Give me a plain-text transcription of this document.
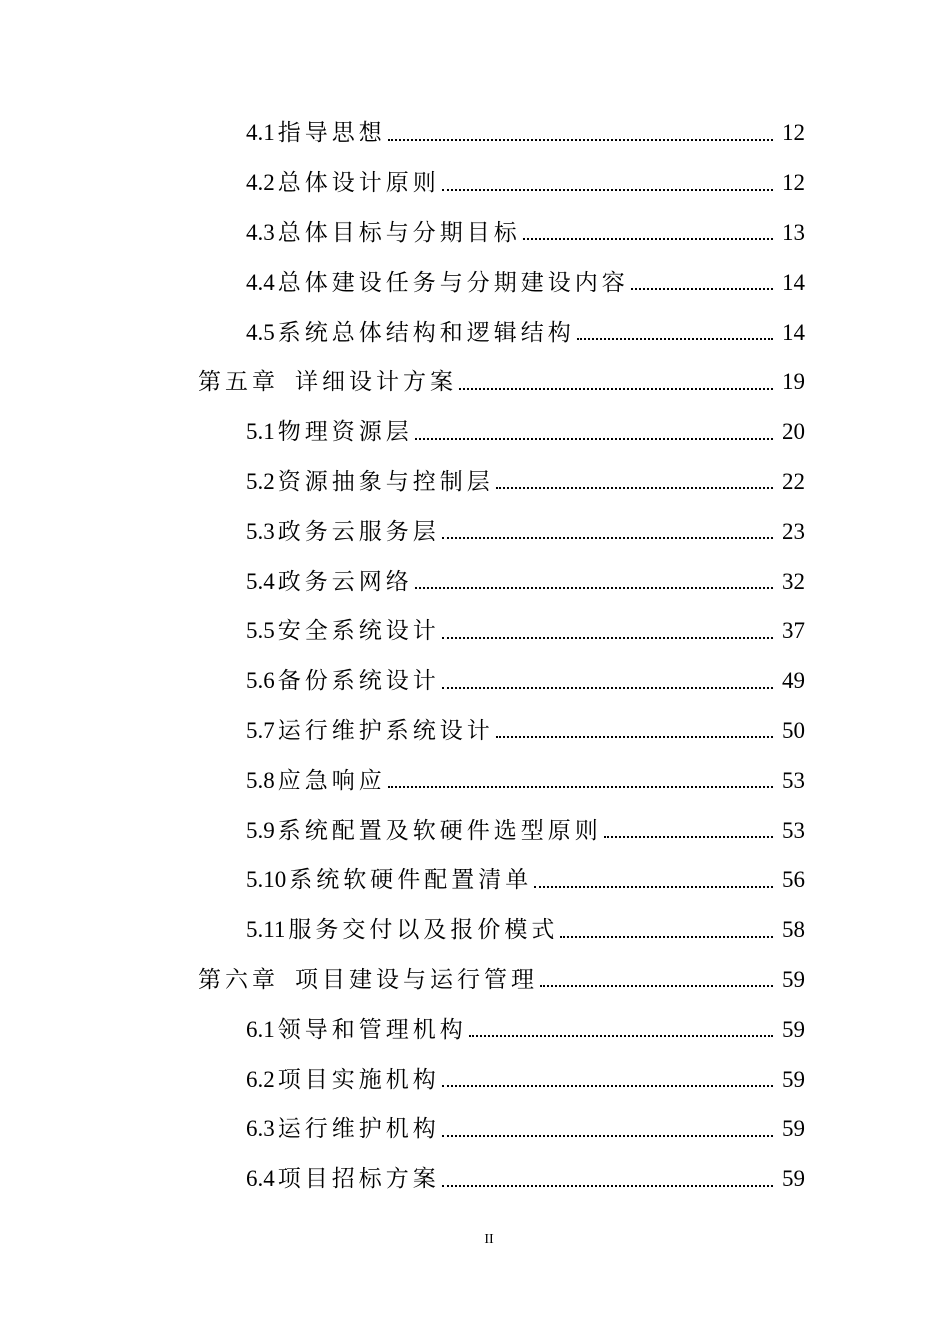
4.1 指导思想	12
4.2 总体设计原则	12
4.3 总体目标与分期目标	13
4.4 总体建设任务与分期建设内容	14
4.5 系统总体结构和逻辑结构	14
第五章 详细设计方案	19
5.1 物理资源层	20
5.2 资源抽象与控制层	22
5.3 政务云服务层	23
5.4 政务云网络	32
5.5 安全系统设计	37
5.6 备份系统设计	49
5.7 运行维护系统设计	50
5.8 应急响应	53
5.9 系统配置及软硬件选型原则	53
5.10 系统软硬件配置清单	56
5.11 服务交付以及报价模式	58
第六章 项目建设与运行管理	59
6.1 领导和管理机构	59
6.2 项目实施机构	59
6.3 运行维护机构	59
6.4 项目招标方案	59
II
